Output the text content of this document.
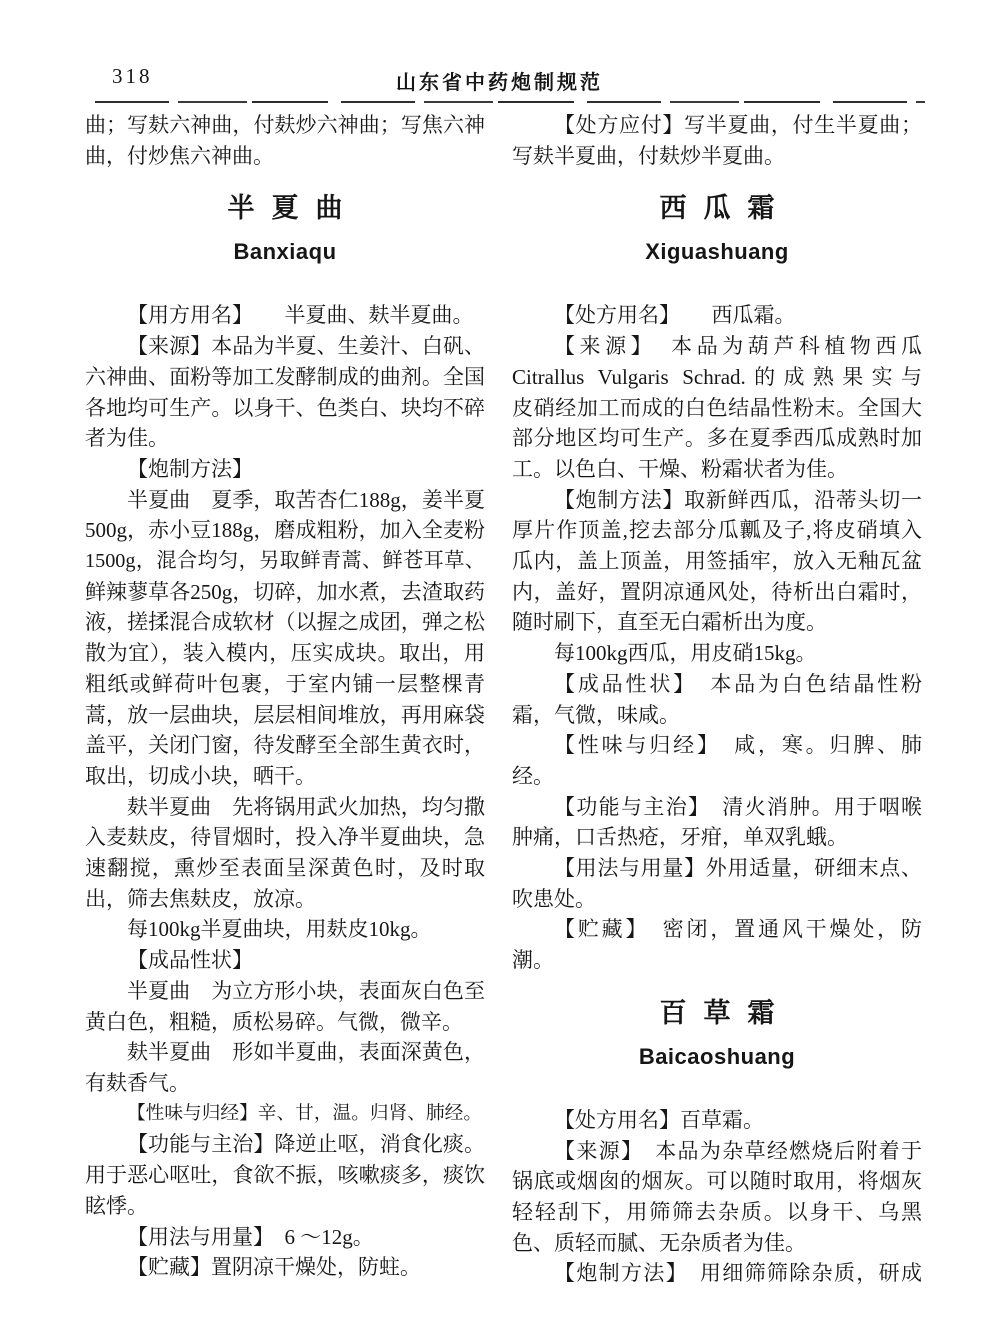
318	山东省中药炮制规范
曲；写麸六神曲，付麸炒六神曲；写焦六神
曲，付炒焦六神曲。
半夏曲
Banxiaqu
【用方用名】　　半夏曲、麸半夏曲。
【来源】本品为半夏、生姜汁、白矾、
六神曲、面粉等加工发酵制成的曲剂。全国
各地均可生产。以身干、色类白、块均不碎
者为佳。
【炮制方法】
半夏曲　夏季，取苦杏仁188g，姜半夏
500g，赤小豆188g，磨成粗粉，加入全麦粉
1500g，混合均匀，另取鲜青蒿、鲜苍耳草、
鲜辣蓼草各250g，切碎，加水煮，去渣取药
液，搓揉混合成软材（以握之成团，弹之松
散为宜），装入模内，压实成块。取出，用
粗纸或鲜荷叶包裹，于室内铺一层整棵青
蒿，放一层曲块，层层相间堆放，再用麻袋
盖平，关闭门窗，待发酵至全部生黄衣时，
取出，切成小块，晒干。
麸半夏曲　先将锅用武火加热，均匀撒
入麦麸皮，待冒烟时，投入净半夏曲块，急
速翻搅，熏炒至表面呈深黄色时，及时取
出，筛去焦麸皮，放凉。
每100kg半夏曲块，用麸皮10kg。
【成品性状】
半夏曲　为立方形小块，表面灰白色至
黄白色，粗糙，质松易碎。气微，微辛。
麸半夏曲　形如半夏曲，表面深黄色，
有麸香气。
【性味与归经】辛、甘，温。归肾、肺经。
【功能与主治】降逆止呕，消食化痰。
用于恶心呕吐，食欲不振，咳嗽痰多，痰饮
眩悸。
【用法与用量】　6 ～12g。
【贮藏】置阴凉干燥处，防蛀。
【处方应付】写半夏曲，付生半夏曲；
写麸半夏曲，付麸炒半夏曲。
西瓜霜
Xiguashuang
【处方用名】　　西瓜霜。
【来源】　本品为葫芦科植物西瓜
Citrallus Vulgaris Schrad.的成熟果实与
皮硝经加工而成的白色结晶性粉末。全国大
部分地区均可生产。多在夏季西瓜成熟时加
工。以色白、干燥、粉霜状者为佳。
【炮制方法】取新鲜西瓜，沿蒂头切一
厚片作顶盖,挖去部分瓜瓤及子,将皮硝填入
瓜内，盖上顶盖，用签插牢，放入无釉瓦盆
内，盖好，置阴凉通风处，待析出白霜时，
随时刷下，直至无白霜析出为度。
每100kg西瓜，用皮硝15kg。
【成品性状】　本品为白色结晶性粉
霜，气微，味咸。
【性味与归经】　咸，寒。归脾、肺
经。
【功能与主治】　清火消肿。用于咽喉
肿痛，口舌热疮，牙疳，单双乳蛾。
【用法与用量】外用适量，研细末点、
吹患处。
【贮藏】　密闭，置通风干燥处，防
潮。
百草霜
Baicaoshuang
【处方用名】百草霜。
【来源】　本品为杂草经燃烧后附着于
锅底或烟囱的烟灰。可以随时取用，将烟灰
轻轻刮下，用筛筛去杂质。以身干、乌黑
色、质轻而腻、无杂质者为佳。
【炮制方法】　用细筛筛除杂质，研成
